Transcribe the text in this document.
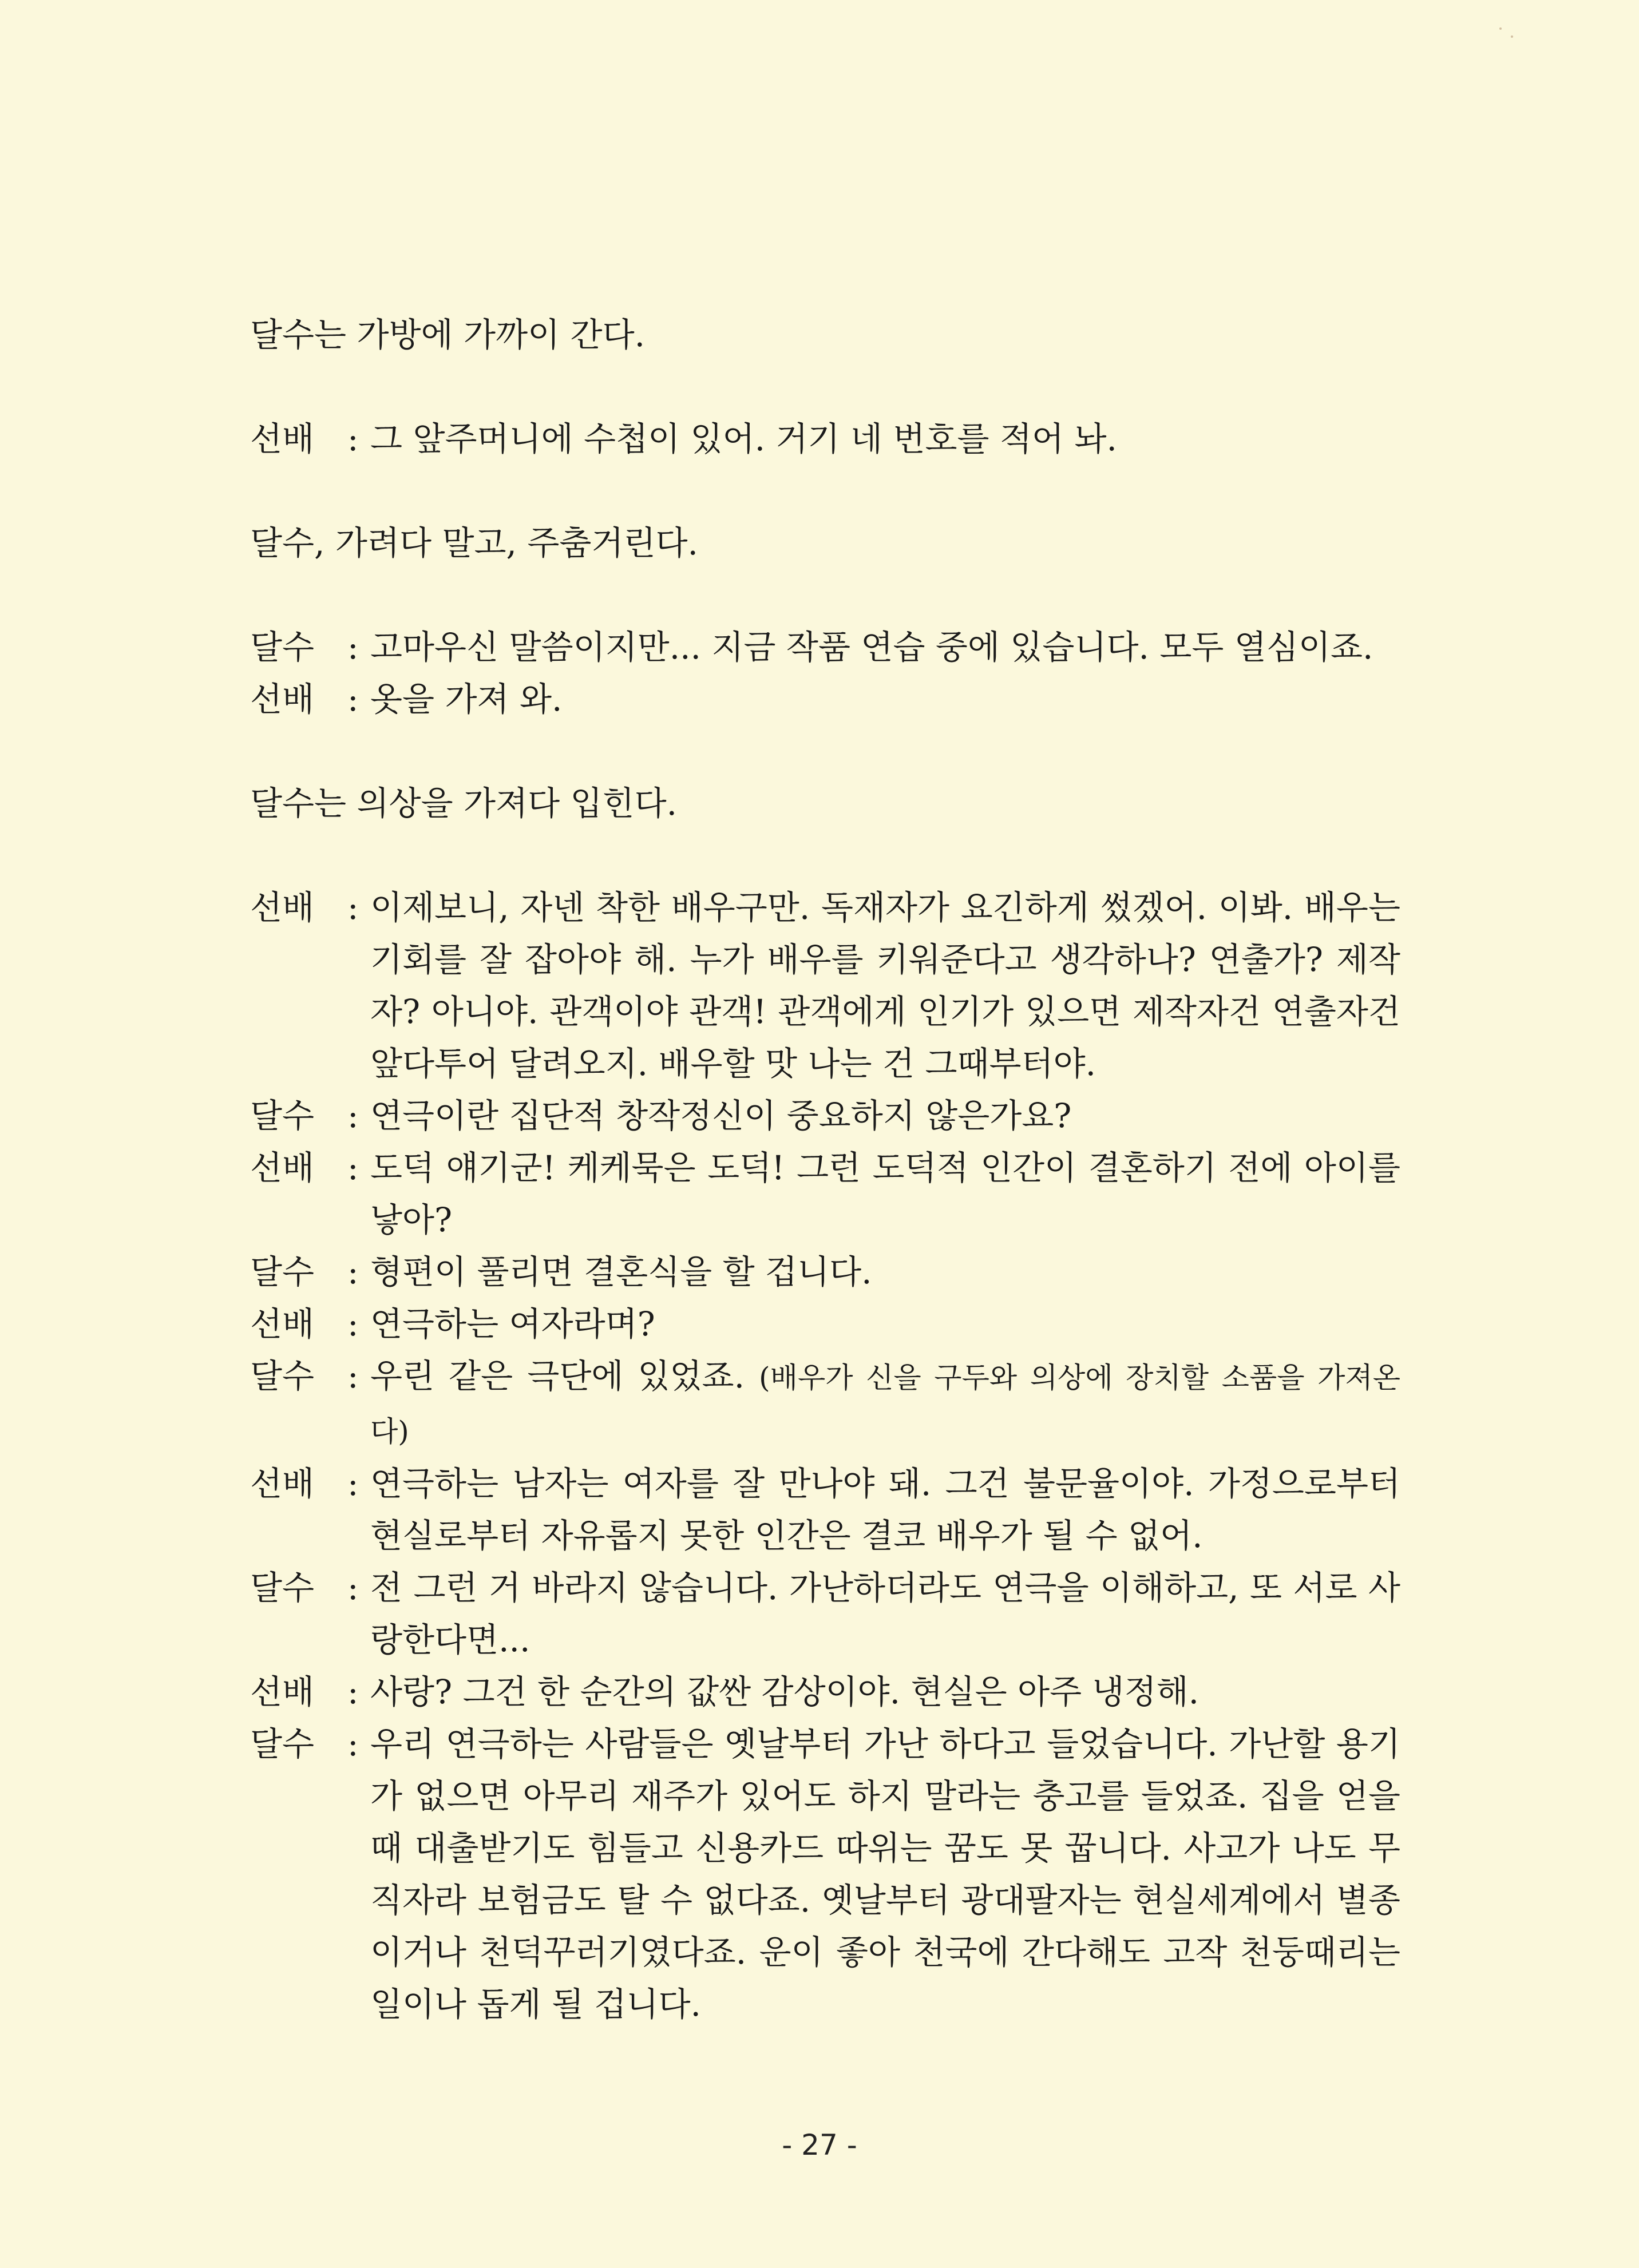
달수는 가방에 가까이 간다.
선배 : 그 앞주머니에 수첩이 있어. 거기 네 번호를 적어 놔.
달수, 가려다 말고, 주춤거린다.
달수 : 고마우신 말씀이지만... 지금 작품 연습 중에 있습니다. 모두 열심이죠.
선배 : 옷을 가져 와.
달수는 의상을 가져다 입힌다.
선배 : 이제보니, 자넨 착한 배우구만. 독재자가 요긴하게 썼겠어. 이봐. 배우는 기회를 잘 잡아야 해. 누가 배우를 키워준다고 생각하나? 연출가? 제작자? 아니야. 관객이야 관객! 관객에게 인기가 있으면 제작자건 연출자건 앞다투어 달려오지. 배우할 맛 나는 건 그때부터야.
달수 : 연극이란 집단적 창작정신이 중요하지 않은가요?
선배 : 도덕 얘기군! 케케묵은 도덕! 그런 도덕적 인간이 결혼하기 전에 아이를 낳아?
달수 : 형편이 풀리면 결혼식을 할 겁니다.
선배 : 연극하는 여자라며?
달수 : 우린 같은 극단에 있었죠. (배우가 신을 구두와 의상에 장치할 소품을 가져온다)
선배 : 연극하는 남자는 여자를 잘 만나야 돼. 그건 불문율이야. 가정으로부터 현실로부터 자유롭지 못한 인간은 결코 배우가 될 수 없어.
달수 : 전 그런 거 바라지 않습니다. 가난하더라도 연극을 이해하고, 또 서로 사랑한다면...
선배 : 사랑? 그건 한 순간의 값싼 감상이야. 현실은 아주 냉정해.
달수 : 우리 연극하는 사람들은 옛날부터 가난 하다고 들었습니다. 가난할 용기가 없으면 아무리 재주가 있어도 하지 말라는 충고를 들었죠. 집을 얻을 때 대출받기도 힘들고 신용카드 따위는 꿈도 못 꿉니다. 사고가 나도 무직자라 보험금도 탈 수 없다죠. 옛날부터 광대팔자는 현실세계에서 별종이거나 천덕꾸러기였다죠. 운이 좋아 천국에 간다해도 고작 천둥때리는 일이나 돕게 될 겁니다.
- 27 -
